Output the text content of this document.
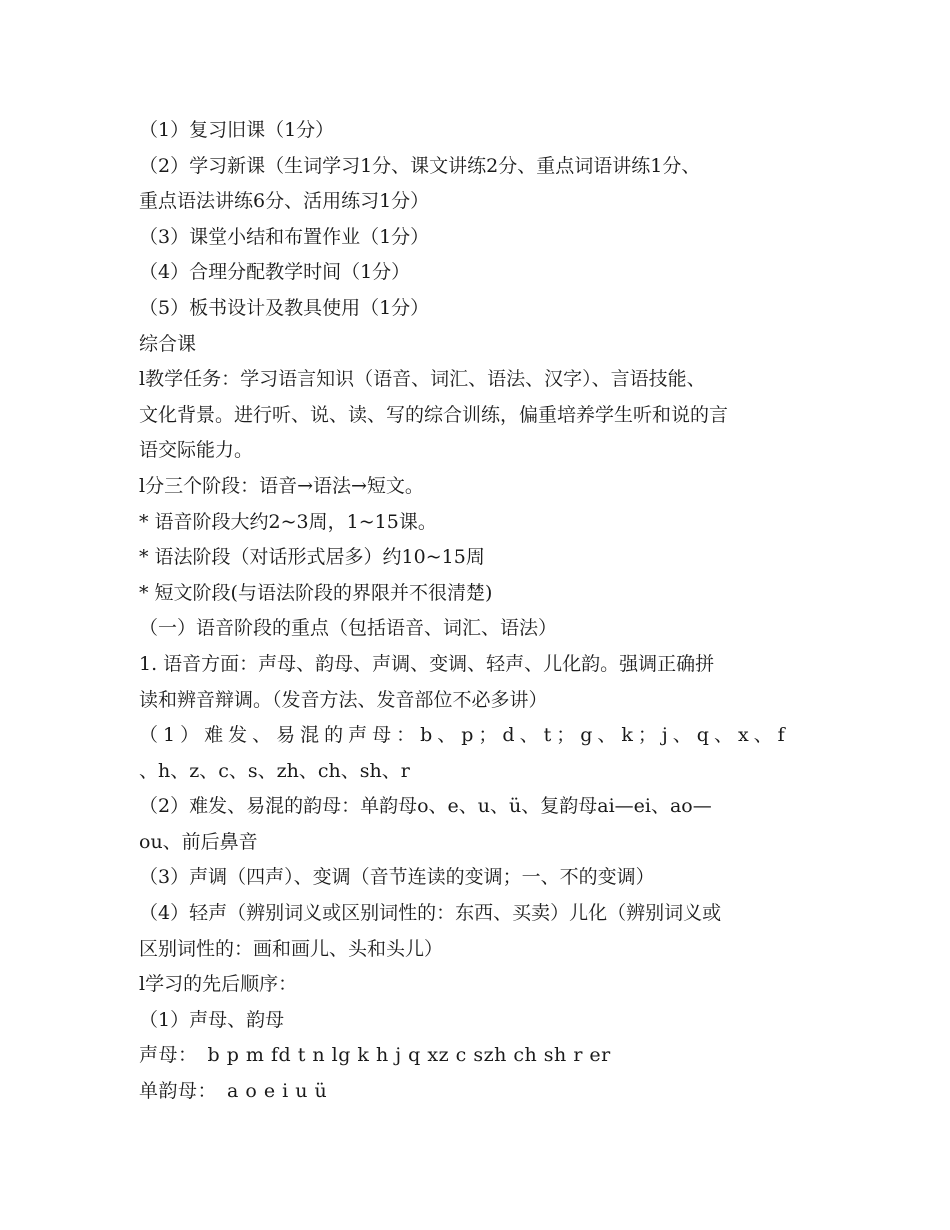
（1）复习旧课（1分）
（2）学习新课（生词学习1分、课文讲练2分、重点词语讲练1分、
重点语法讲练6分、活用练习1分）
（3）课堂小结和布置作业（1分）
（4）合理分配教学时间（1分）
（5）板书设计及教具使用（1分）
综合课
l教学任务：学习语言知识（语音、词汇、语法、汉字）、言语技能、
文化背景。进行听、说、读、写的综合训练，偏重培养学生听和说的言
语交际能力。
l分三个阶段：语音→语法→短文。
* 语音阶段大约2~3周，1~15课。
* 语法阶段（对话形式居多）约10~15周
* 短文阶段(与语法阶段的界限并不很清楚)
（一）语音阶段的重点（包括语音、词汇、语法）
1. 语音方面：声母、韵母、声调、变调、轻声、儿化韵。强调正确拼
读和辨音辩调。（发音方法、发音部位不必多讲）
（1）难发、易混的声母：b、p；d、t；g、k；j、q、x、f
、h、z、c、s、zh、ch、sh、r
（2）难发、易混的韵母：单韵母o、e、u、ü、复韵母ai—ei、ao—
ou、前后鼻音
（3）声调（四声）、变调（音节连读的变调；一、不的变调）
（4）轻声（辨别词义或区别词性的：东西、买卖）儿化（辨别词义或
区别词性的：画和画儿、头和头儿）
l学习的先后顺序：
（1）声母、韵母
声母：　b p m fd t n lg k h j q xz c szh ch sh r er
单韵母：　a o e i u ü
